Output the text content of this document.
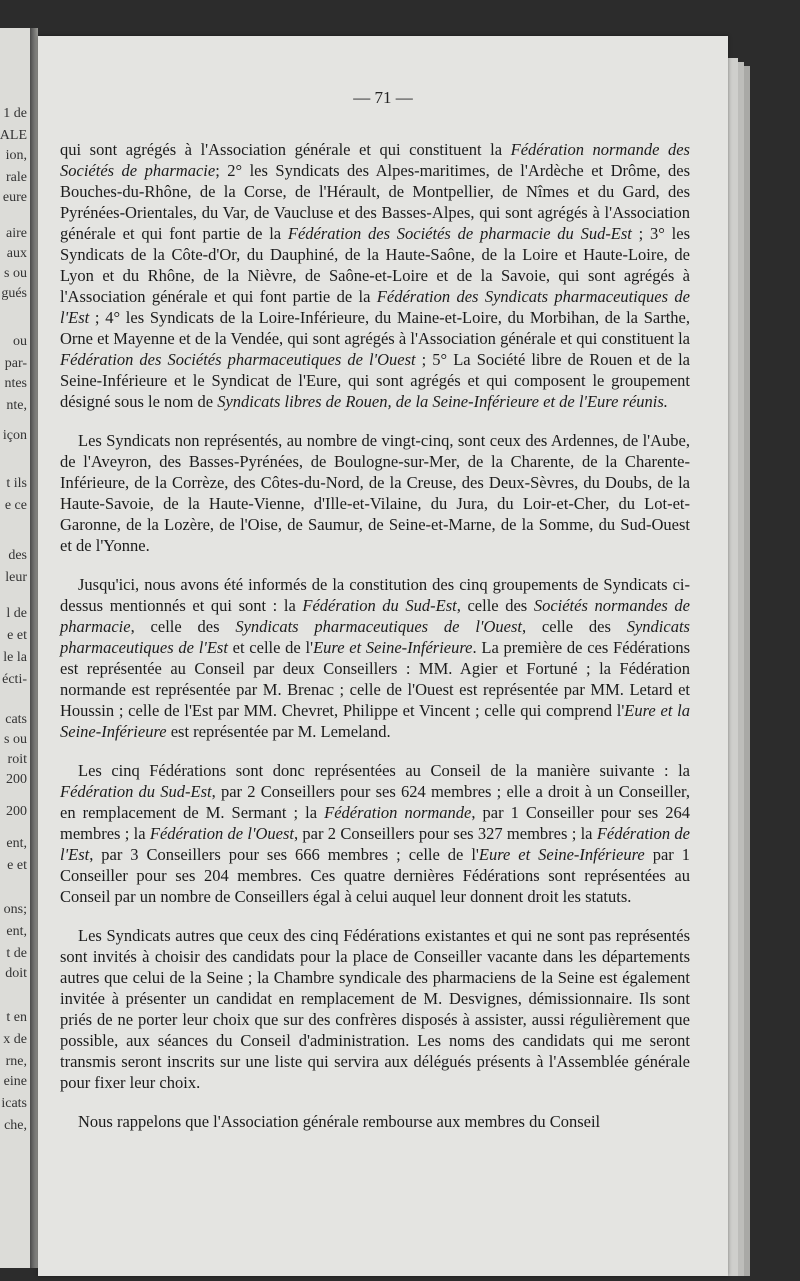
1 de
ALE
ion,
rale
eure
aire
aux
s ou
gués
ou
par-
ntes
nte,
içon
t ils
e ce
des
leur
l de
e et
le la
écti-
cats
s ou
roit
200
200
ent,
e et
ons;
ent,
t de
doit
t en
x de
rne,
eine
icats
che,
— 71 —

qui sont agrégés à l'Association générale et qui constituent la Fédération normande des Sociétés de pharmacie; 2° les Syndicats des Alpes-maritimes, de l'Ardèche et Drôme, des Bouches-du-Rhône, de la Corse, de l'Hérault, de Montpellier, de Nîmes et du Gard, des Pyrénées-Orientales, du Var, de Vaucluse et des Basses-Alpes, qui sont agrégés à l'Association générale et qui font partie de la Fédération des Sociétés de pharmacie du Sud-Est ; 3° les Syndicats de la Côte-d'Or, du Dauphiné, de la Haute-Saône, de la Loire et Haute-Loire, de Lyon et du Rhône, de la Nièvre, de Saône-et-Loire et de la Savoie, qui sont agrégés à l'Association générale et qui font partie de la Fédération des Syndicats pharmaceutiques de l'Est ; 4° les Syndicats de la Loire-Inférieure, du Maine-et-Loire, du Morbihan, de la Sarthe, Orne et Mayenne et de la Vendée, qui sont agrégés à l'Association générale et qui constituent la Fédération des Sociétés pharmaceutiques de l'Ouest ; 5° La Société libre de Rouen et de la Seine-Inférieure et le Syndicat de l'Eure, qui sont agrégés et qui composent le groupement désigné sous le nom de Syndicats libres de Rouen, de la Seine-Inférieure et de l'Eure réunis.

Les Syndicats non représentés, au nombre de vingt-cinq, sont ceux des Ardennes, de l'Aube, de l'Aveyron, des Basses-Pyrénées, de Boulogne-sur-Mer, de la Charente, de la Charente-Inférieure, de la Corrèze, des Côtes-du-Nord, de la Creuse, des Deux-Sèvres, du Doubs, de la Haute-Savoie, de la Haute-Vienne, d'Ille-et-Vilaine, du Jura, du Loir-et-Cher, du Lot-et-Garonne, de la Lozère, de l'Oise, de Saumur, de Seine-et-Marne, de la Somme, du Sud-Ouest et de l'Yonne.

Jusqu'ici, nous avons été informés de la constitution des cinq groupements de Syndicats ci-dessus mentionnés et qui sont : la Fédération du Sud-Est, celle des Sociétés normandes de pharmacie, celle des Syndicats pharmaceutiques de l'Ouest, celle des Syndicats pharmaceutiques de l'Est et celle de l'Eure et Seine-Inférieure. La première de ces Fédérations est représentée au Conseil par deux Conseillers : MM. Agier et Fortuné ; la Fédération normande est représentée par M. Brenac ; celle de l'Ouest est représentée par MM. Letard et Houssin ; celle de l'Est par MM. Chevret, Philippe et Vincent ; celle qui comprend l'Eure et la Seine-Inférieure est représentée par M. Lemeland.

Les cinq Fédérations sont donc représentées au Conseil de la manière suivante : la Fédération du Sud-Est, par 2 Conseillers pour ses 624 membres ; elle a droit à un Conseiller, en remplacement de M. Sermant ; la Fédération normande, par 1 Conseiller pour ses 264 membres ; la Fédération de l'Ouest, par 2 Conseillers pour ses 327 membres ; la Fédération de l'Est, par 3 Conseillers pour ses 666 membres ; celle de l'Eure et Seine-Inférieure par 1 Conseiller pour ses 204 membres. Ces quatre dernières Fédérations sont représentées au Conseil par un nombre de Conseillers égal à celui auquel leur donnent droit les statuts.

Les Syndicats autres que ceux des cinq Fédérations existantes et qui ne sont pas représentés sont invités à choisir des candidats pour la place de Conseiller vacante dans les départements autres que celui de la Seine ; la Chambre syndicale des pharmaciens de la Seine est également invitée à présenter un candidat en remplacement de M. Desvignes, démissionnaire. Ils sont priés de ne porter leur choix que sur des confrères disposés à assister, aussi régulièrement que possible, aux séances du Conseil d'administration. Les noms des candidats qui me seront transmis seront inscrits sur une liste qui servira aux délégués présents à l'Assemblée générale pour fixer leur choix.

Nous rappelons que l'Association générale rembourse aux membres du Conseil
